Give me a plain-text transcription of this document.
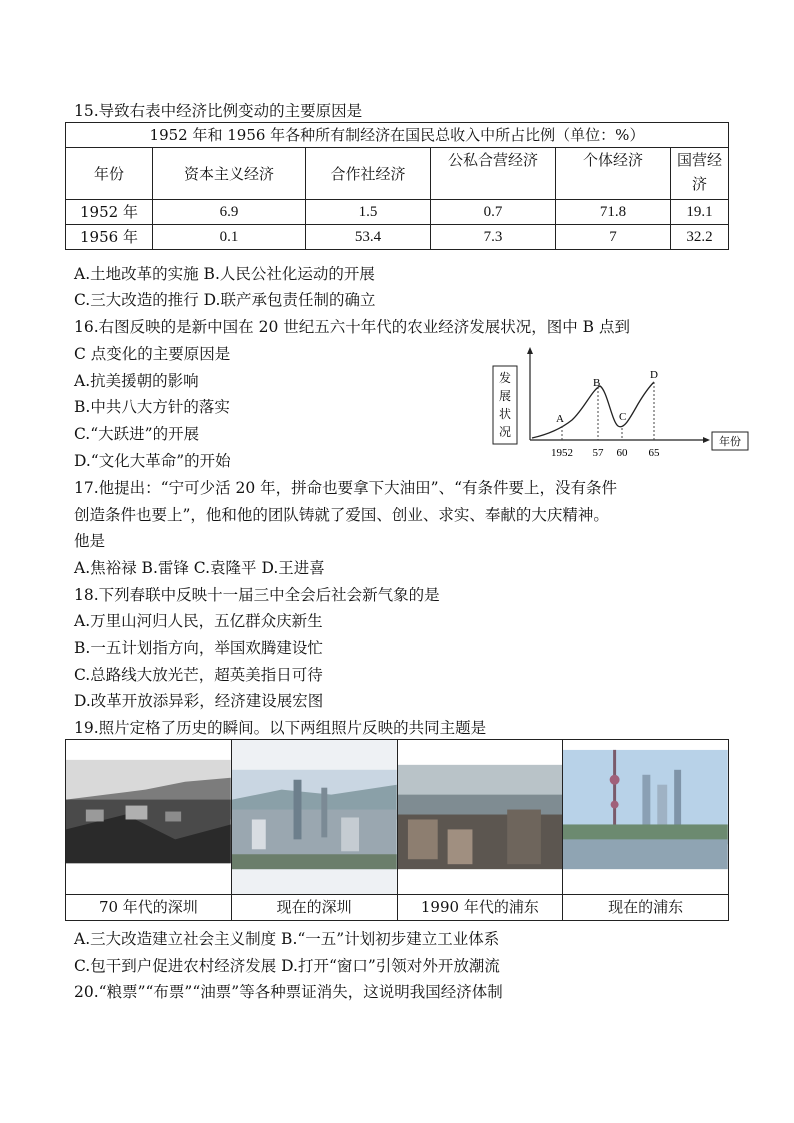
15.导致右表中经济比例变动的主要原因是
1952 年和 1956 年各种所有制经济在国民总收入中所占比例（单位：%）					
年份	资本主义经济	合作社经济	公私合营经济	个体经济	国营经济
1952 年	6.9	1.5	0.7	71.8	19.1
1956 年	0.1	53.4	7.3	7	32.2
A.土地改革的实施 B.人民公社化运动的开展
C.三大改造的推行 D.联产承包责任制的确立
16.右图反映的是新中国在 20 世纪五六十年代的农业经济发展状况，图中 B 点到
C 点变化的主要原因是
A.抗美援朝的影响
B.中共八大方针的落实
C.“大跃进”的开展
D.“文化大革命”的开始
发
展
状
况
年份
A
B
C
D
1952 57 60 65
17.他提出：“宁可少活 20 年，拼命也要拿下大油田”、“有条件要上，没有条件
创造条件也要上”，他和他的团队铸就了爱国、创业、求实、奉献的大庆精神。
他是
A.焦裕禄 B.雷锋 C.袁隆平 D.王进喜
18.下列春联中反映十一届三中全会后社会新气象的是
A.万里山河归人民，五亿群众庆新生
B.一五计划指方向，举国欢腾建设忙
C.总路线大放光芒，超英美指日可待
D.改革开放添异彩，经济建设展宏图
19.照片定格了历史的瞬间。以下两组照片反映的共同主题是
70 年代的深圳	现在的深圳	1990 年代的浦东	现在的浦东
A.三大改造建立社会主义制度 B.“一五”计划初步建立工业体系
C.包干到户促进农村经济发展 D.打开“窗口”引领对外开放潮流
20.“粮票”“布票”“油票”等各种票证消失，这说明我国经济体制
